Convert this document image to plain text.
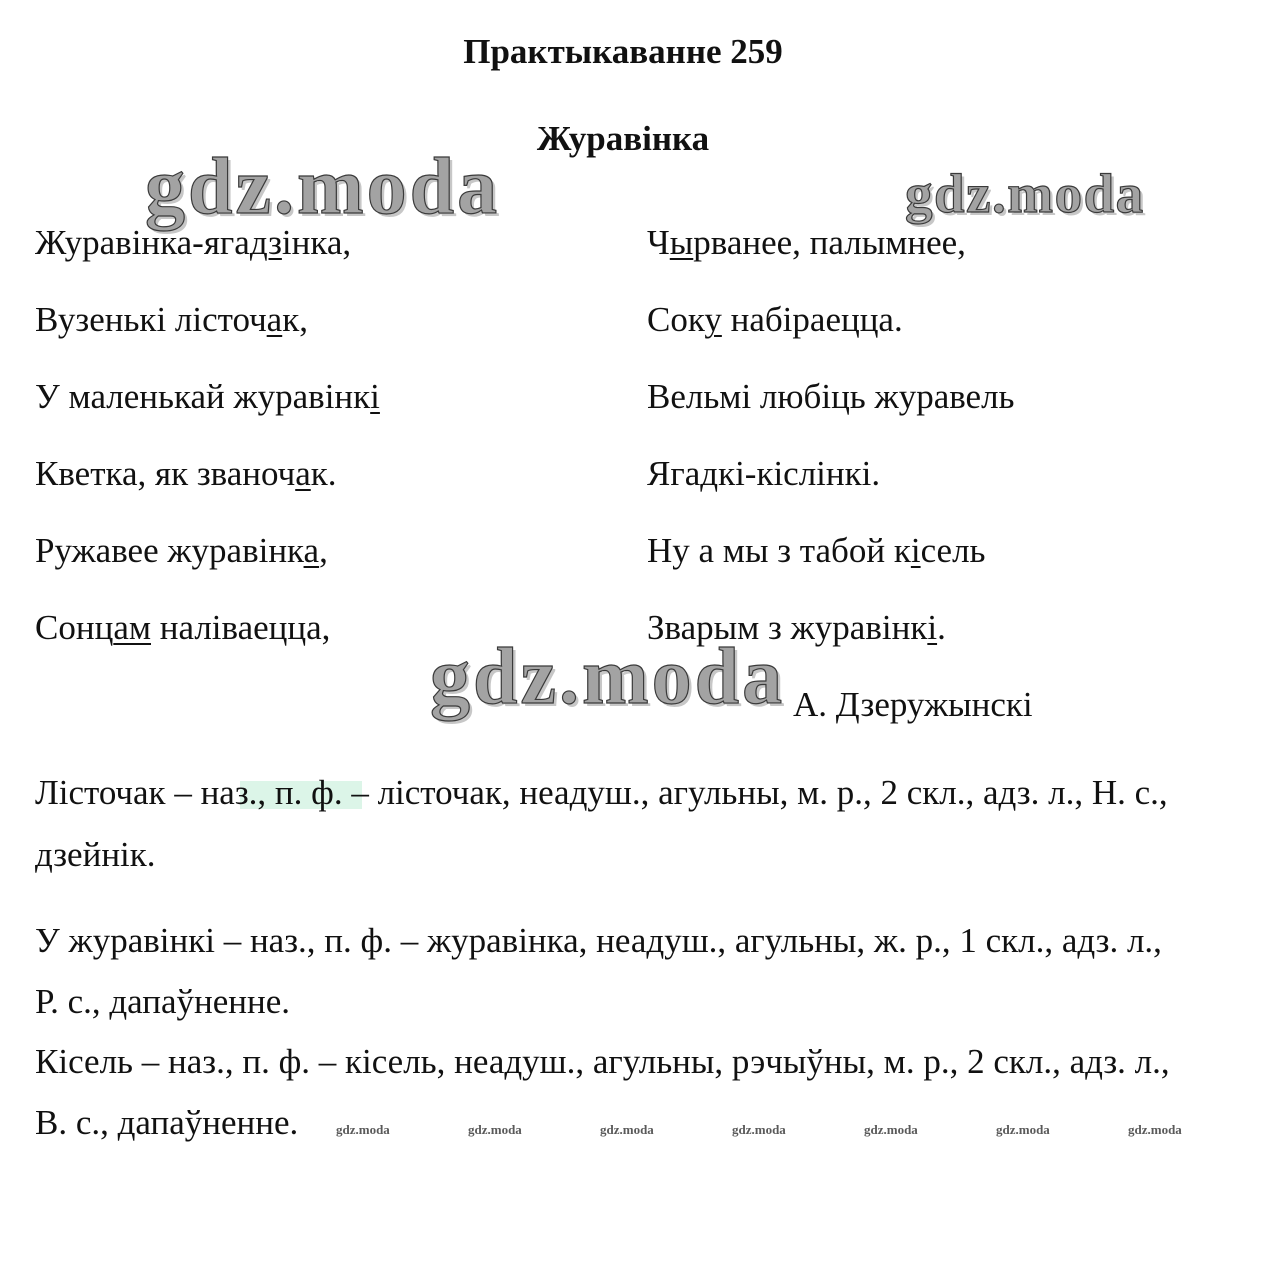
Практыкаванне 259
Журавінка
Журавінка-ягадзінка,
Вузенькі лісточак,
У маленькай журавінкі
Кветка, як званочак.
Ружавее журавінка,
Сонцам наліваецца,
Чырванее, палымнее,
Соку набіраецца.
Вельмі любіць журавель
Ягадкі-кіслінкі.
Ну а мы з табой кісель
Зварым з журавінкі.
А. Дзеружынскі
Лісточак – наз., п. ф. – лісточак, неадуш., агульны, м. р., 2 скл., адз. л., Н. с.,
дзейнік.
У журавінкі – наз., п. ф. – журавінка, неадуш., агульны, ж. р., 1 скл., адз. л.,
Р. с., дапаўненне.
Кісель – наз., п. ф. – кісель, неадуш., агульны, рэчыўны, м. р., 2 скл., адз. л.,
В. с., дапаўненне.
gdz.moda	gdz.moda
gdz.moda
gdz.moda	gdz.moda	gdz.moda	gdz.moda	gdz.moda	gdz.moda	gdz.moda
